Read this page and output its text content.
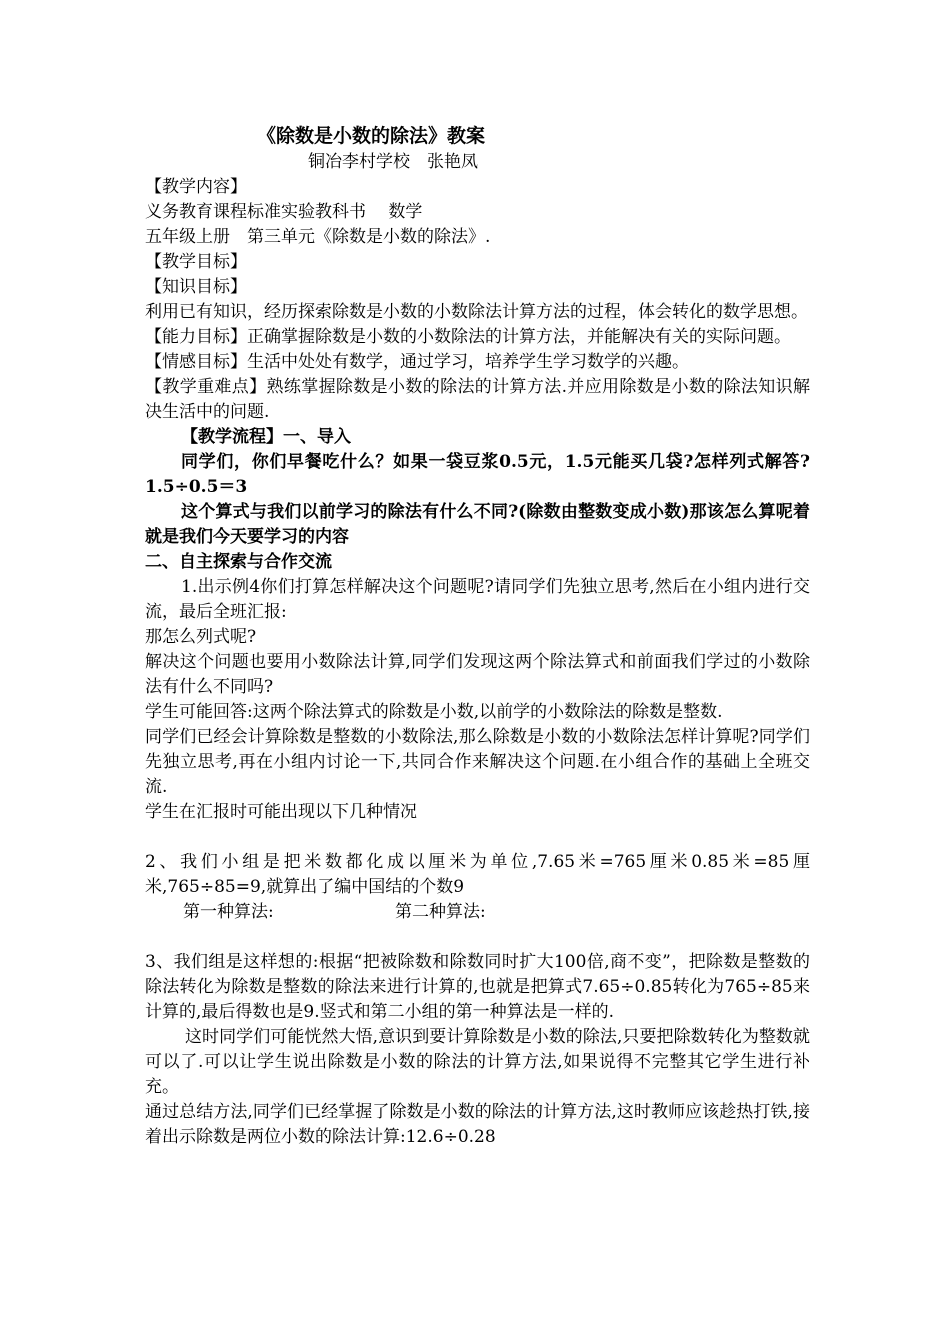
《除数是小数的除法》教案

铜冶李村学校　张艳凤

【教学内容】

义务教育课程标准实验教科书　 数学

五年级上册　第三单元《除数是小数的除法》.

【教学目标】

【知识目标】

利用已有知识，经历探索除数是小数的小数除法计算方法的过程，体会转化的数学思想。

【能力目标】正确掌握除数是小数的小数除法的计算方法，并能解决有关的实际问题。

【情感目标】生活中处处有数学，通过学习，培养学生学习数学的兴趣。

【教学重难点】熟练掌握除数是小数的除法的计算方法.并应用除数是小数的除法知识解决生活中的问题.

【教学流程】一、导入

同学们，你们早餐吃什么？如果一袋豆浆0.5元，1.5元能买几袋?怎样列式解答?1.5÷0.5＝3

这个算式与我们以前学习的除法有什么不同?(除数由整数变成小数)那该怎么算呢着就是我们今天要学习的内容

二、自主探索与合作交流

1.出示例4你们打算怎样解决这个问题呢?请同学们先独立思考,然后在小组内进行交流，最后全班汇报:

那怎么列式呢?

解决这个问题也要用小数除法计算,同学们发现这两个除法算式和前面我们学过的小数除法有什么不同吗?

学生可能回答:这两个除法算式的除数是小数,以前学的小数除法的除数是整数.

同学们已经会计算除数是整数的小数除法,那么除数是小数的小数除法怎样计算呢?同学们先独立思考,再在小组内讨论一下,共同合作来解决这个问题.在小组合作的基础上全班交流.

学生在汇报时可能出现以下几种情况

2、我们小组是把米数都化成以厘米为单位,7.65米=765厘米0.85米=85厘米,765÷85=9,就算出了编中国结的个数9

第一种算法:	第二种算法:

3、我们组是这样想的:根据“把被除数和除数同时扩大100倍,商不变”，把除数是整数的除法转化为除数是整数的除法来进行计算的,也就是把算式7.65÷0.85转化为765÷85来计算的,最后得数也是9.竖式和第二小组的第一种算法是一样的.

这时同学们可能恍然大悟,意识到要计算除数是小数的除法,只要把除数转化为整数就可以了.可以让学生说出除数是小数的除法的计算方法,如果说得不完整其它学生进行补充。

通过总结方法,同学们已经掌握了除数是小数的除法的计算方法,这时教师应该趁热打铁,接着出示除数是两位小数的除法计算:12.6÷0.28
